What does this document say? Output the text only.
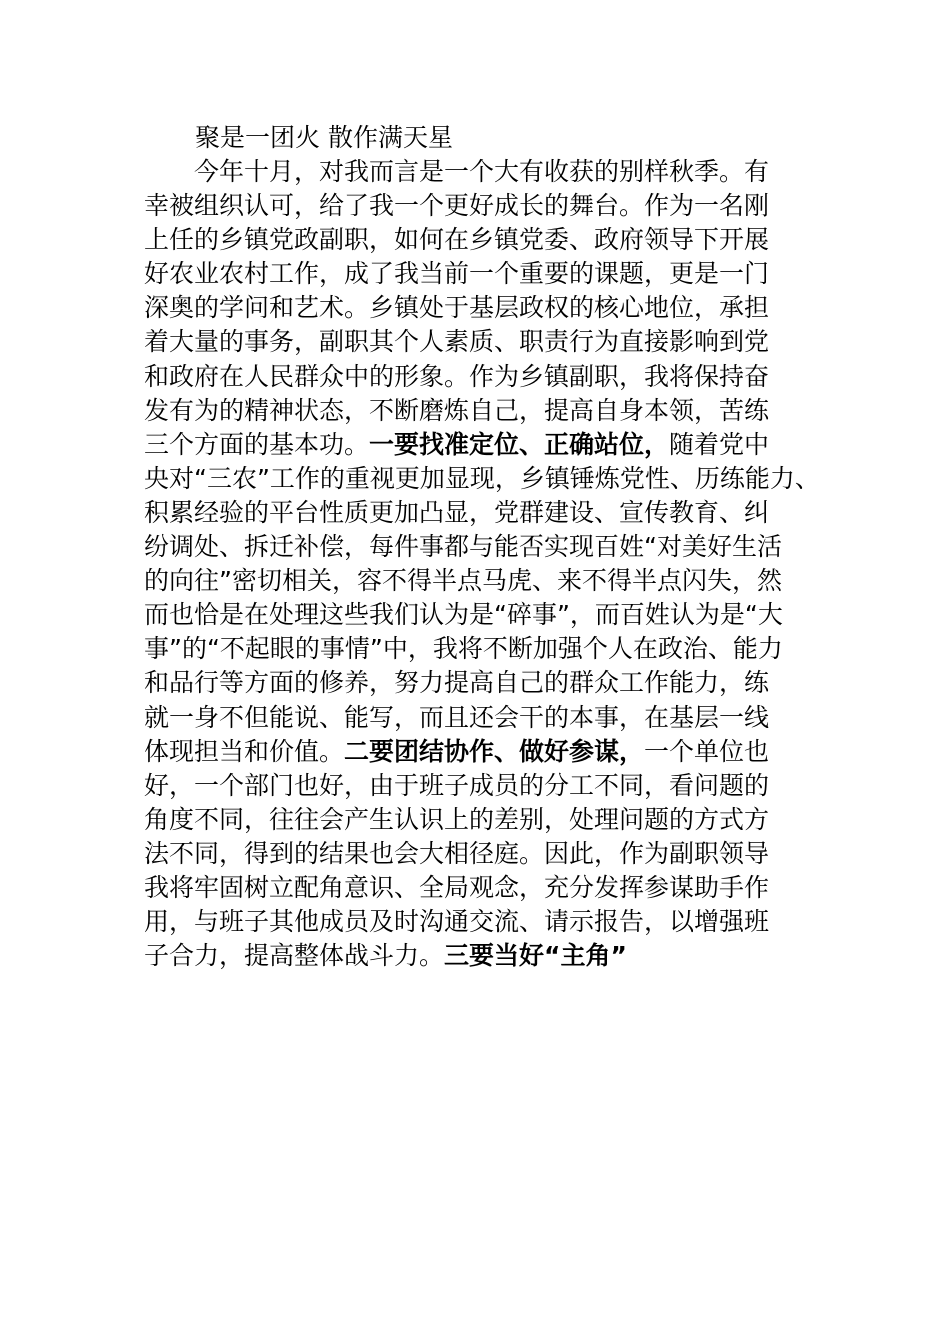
聚是一团火 散作满天星
今年十月，对我而言是一个大有收获的别样秋季。有
幸被组织认可，给了我一个更好成长的舞台。作为一名刚
上任的乡镇党政副职，如何在乡镇党委、政府领导下开展
好农业农村工作，成了我当前一个重要的课题，更是一门
深奥的学问和艺术。乡镇处于基层政权的核心地位，承担
着大量的事务，副职其个人素质、职责行为直接影响到党
和政府在人民群众中的形象。作为乡镇副职，我将保持奋
发有为的精神状态，不断磨炼自己，提高自身本领，苦练
三个方面的基本功。一要找准定位、正确站位，随着党中
央对“三农”工作的重视更加显现，乡镇锤炼党性、历练能力、
积累经验的平台性质更加凸显，党群建设、宣传教育、纠
纷调处、拆迁补偿，每件事都与能否实现百姓“对美好生活
的向往”密切相关，容不得半点马虎、来不得半点闪失，然
而也恰是在处理这些我们认为是“碎事”，而百姓认为是“大
事”的“不起眼的事情”中，我将不断加强个人在政治、能力
和品行等方面的修养，努力提高自己的群众工作能力，练
就一身不但能说、能写，而且还会干的本事，在基层一线
体现担当和价值。二要团结协作、做好参谋，一个单位也
好，一个部门也好，由于班子成员的分工不同，看问题的
角度不同，往往会产生认识上的差别，处理问题的方式方
法不同，得到的结果也会大相径庭。因此，作为副职领导
我将牢固树立配角意识、全局观念，充分发挥参谋助手作
用，与班子其他成员及时沟通交流、请示报告，以增强班
子合力，提高整体战斗力。三要当好“主角”
